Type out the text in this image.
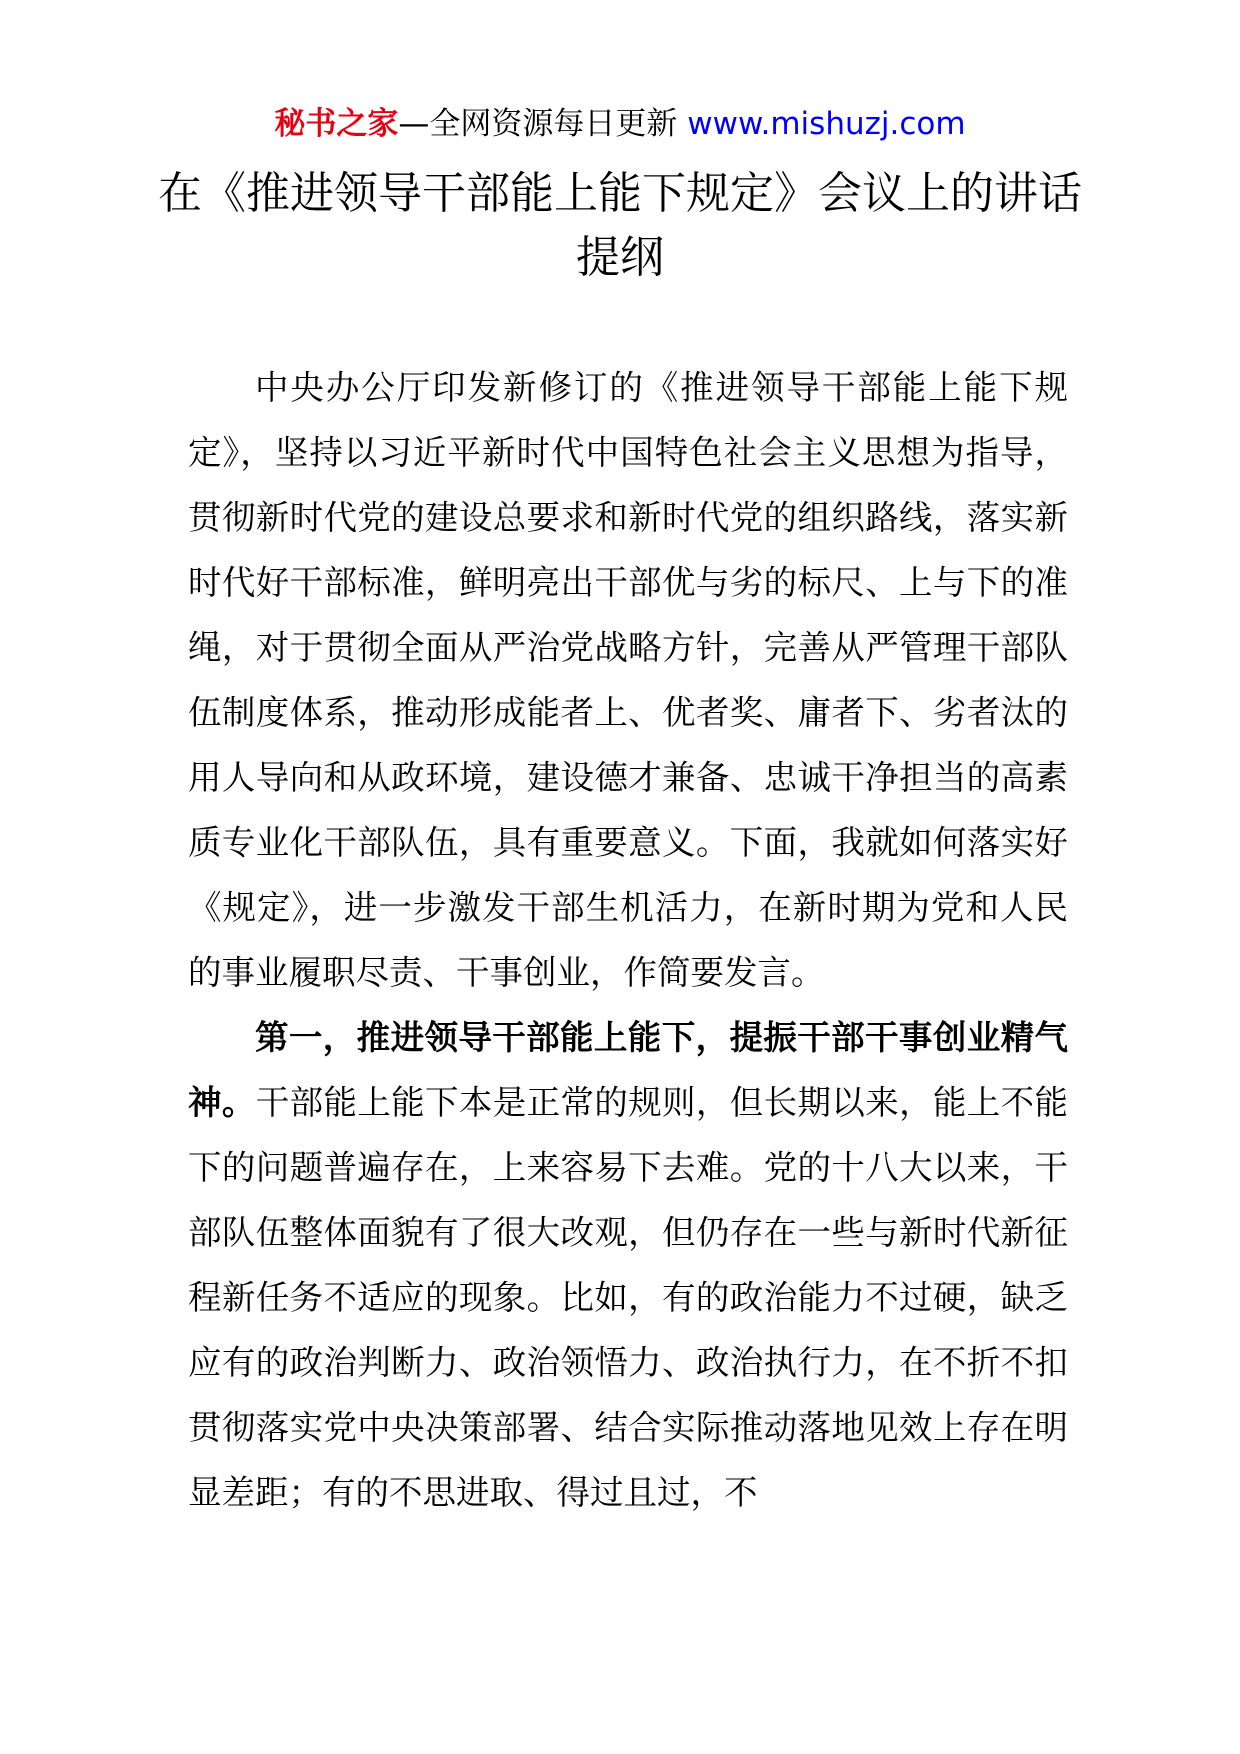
秘书之家—全网资源每日更新 www.mishuzj.com
在《推进领导干部能上能下规定》会议上的讲话提纲

中央办公厅印发新修订的《推进领导干部能上能下规定》，坚持以习近平新时代中国特色社会主义思想为指导，贯彻新时代党的建设总要求和新时代党的组织路线，落实新时代好干部标准，鲜明亮出干部优与劣的标尺、上与下的准绳，对于贯彻全面从严治党战略方针，完善从严管理干部队伍制度体系，推动形成能者上、优者奖、庸者下、劣者汰的用人导向和从政环境，建设德才兼备、忠诚干净担当的高素质专业化干部队伍，具有重要意义。下面，我就如何落实好《规定》，进一步激发干部生机活力，在新时期为党和人民的事业履职尽责、干事创业，作简要发言。

第一，推进领导干部能上能下，提振干部干事创业精气神。干部能上能下本是正常的规则，但长期以来，能上不能下的问题普遍存在，上来容易下去难。党的十八大以来，干部队伍整体面貌有了很大改观，但仍存在一些与新时代新征程新任务不适应的现象。比如，有的政治能力不过硬，缺乏应有的政治判断力、政治领悟力、政治执行力，在不折不扣贯彻落实党中央决策部署、结合实际推动落地见效上存在明显差距；有的不思进取、得过且过，不
